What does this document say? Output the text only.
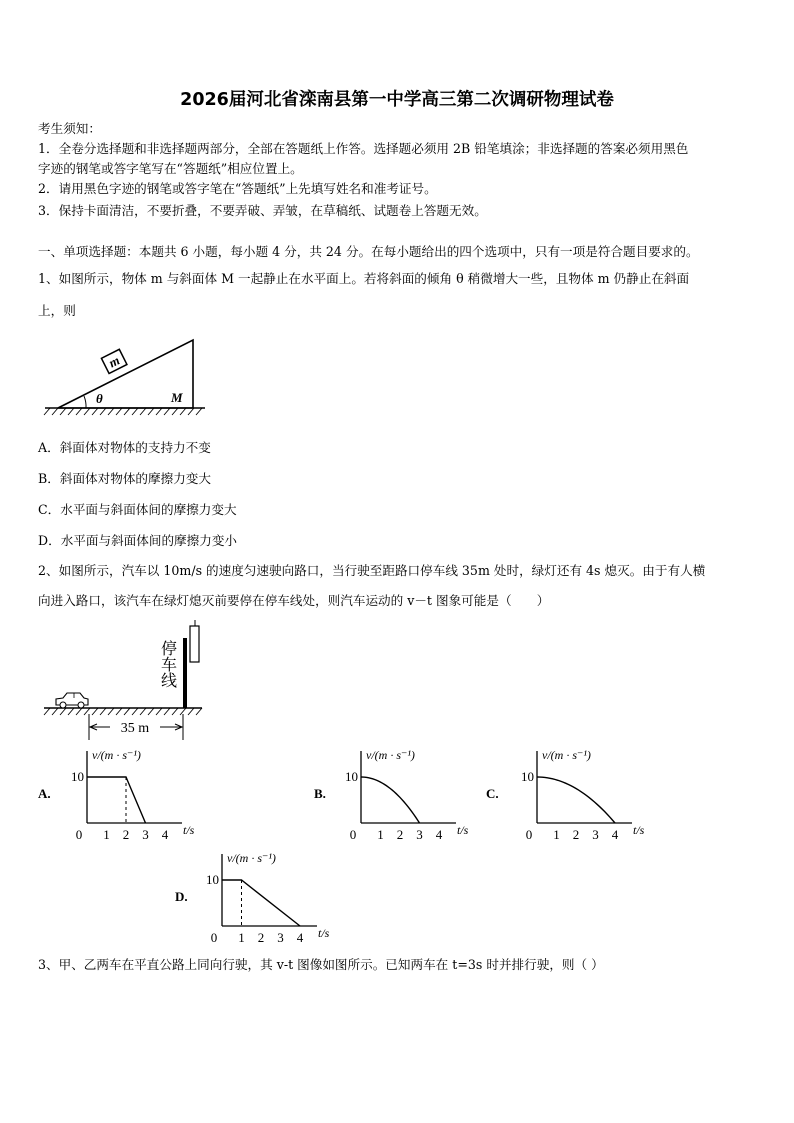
2026届河北省滦南县第一中学高三第二次调研物理试卷
考生须知：
1．全卷分选择题和非选择题两部分，全部在答题纸上作答。选择题必须用 2B 铅笔填涂；非选择题的答案必须用黑色
字迹的钢笔或答字笔写在“答题纸”相应位置上。
2．请用黑色字迹的钢笔或答字笔在“答题纸”上先填写姓名和准考证号。
3．保持卡面清洁，不要折叠，不要弄破、弄皱，在草稿纸、试题卷上答题无效。
一、单项选择题：本题共 6 小题，每小题 4 分，共 24 分。在每小题给出的四个选项中，只有一项是符合题目要求的。
1、如图所示，物体 m 与斜面体 M 一起静止在水平面上。若将斜面的倾角 θ 稍微增大一些，且物体 m 仍静止在斜面
上，则
m
θ	M
A．斜面体对物体的支持力不变
B．斜面体对物体的摩擦力变大
C．水平面与斜面体间的摩擦力变大
D．水平面与斜面体间的摩擦力变小
2、如图所示，汽车以 10m/s 的速度匀速驶向路口，当行驶至距路口停车线 35m 处时，绿灯还有 4s 熄灭。由于有人横
向进入路口，该汽车在绿灯熄灭前要停在停车线处，则汽车运动的 v－t 图象可能是（　　）
停车线
35 m
A.
v/(m · s⁻¹)
t/s
10
0 1 2 3 4
B.
v/(m · s⁻¹)
t/s
10
0 1 2 3 4
C.
v/(m · s⁻¹)
t/s
10
0 1 2 3 4
D.
v/(m · s⁻¹)
t/s
10
0 1 2 3 4
3、甲、乙两车在平直公路上同向行驶，其 v-t 图像如图所示。已知两车在 t=3s 时并排行驶，则（ ）
